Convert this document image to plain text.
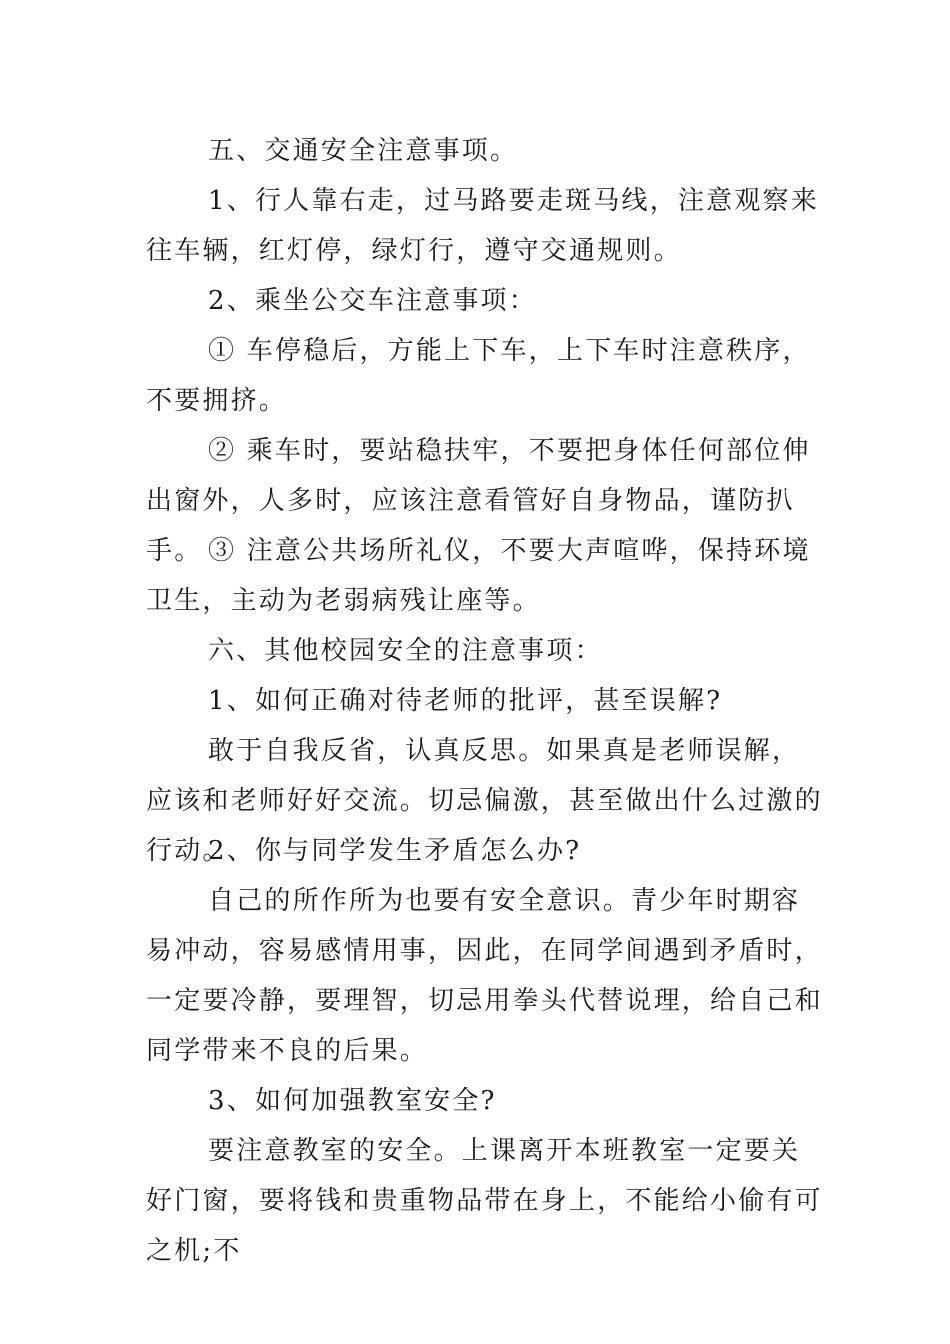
五、交通安全注意事项。

1、行人靠右走，过马路要走斑马线，注意观察来往车辆，红灯停，绿灯行，遵守交通规则。

2、乘坐公交车注意事项：

① 车停稳后，方能上下车，上下车时注意秩序，不要拥挤。

② 乘车时，要站稳扶牢，不要把身体任何部位伸出窗外，人多时，应该注意看管好自身物品，谨防扒手。 ③ 注意公共场所礼仪，不要大声喧哗，保持环境卫生，主动为老弱病残让座等。

六、其他校园安全的注意事项：

1、如何正确对待老师的批评，甚至误解?

敢于自我反省，认真反思。如果真是老师误解，应该和老师好好交流。切忌偏激，甚至做出什么过激的行动。

2、你与同学发生矛盾怎么办?

自己的所作所为也要有安全意识。青少年时期容易冲动，容易感情用事，因此，在同学间遇到矛盾时，一定要冷静，要理智，切忌用拳头代替说理，给自己和同学带来不良的后果。

3、如何加强教室安全?

要注意教室的安全。上课离开本班教室一定要关好门窗，要将钱和贵重物品带在身上，不能给小偷有可之机;不
